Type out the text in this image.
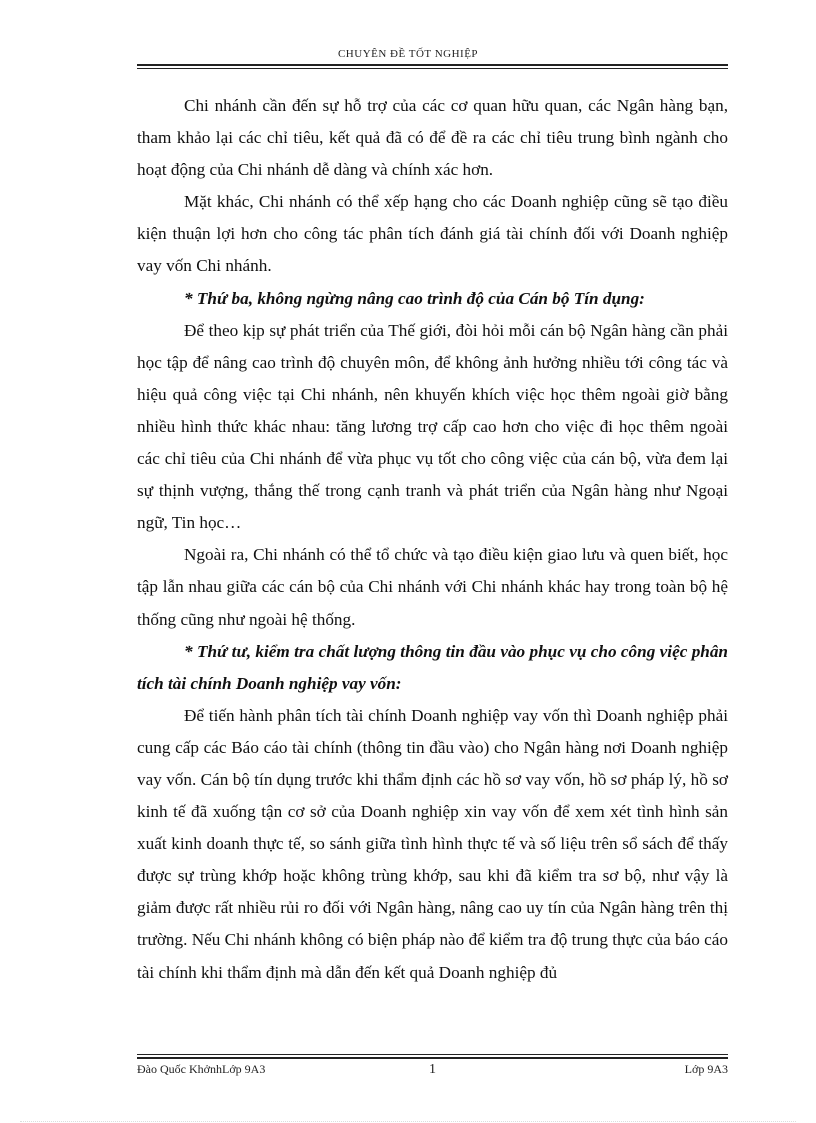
CHUYÊN ĐỀ TỐT NGHIỆP

Chi nhánh cần đến sự hỗ trợ của các cơ quan hữu quan, các Ngân hàng bạn, tham khảo lại các chỉ tiêu, kết quả đã có để đề ra các chỉ tiêu trung bình ngành cho hoạt động của Chi nhánh dễ dàng và chính xác hơn.

Mặt khác, Chi nhánh có thể xếp hạng cho các Doanh nghiệp cũng sẽ tạo điều kiện thuận lợi hơn cho công tác phân tích đánh giá tài chính đối với Doanh nghiệp vay vốn Chi nhánh.

* Thứ ba, không ngừng nâng cao trình độ của Cán bộ Tín dụng:

Để theo kịp sự phát triển của Thế giới, đòi hỏi mỗi cán bộ Ngân hàng cần phải học tập để nâng cao trình độ chuyên môn, để không ảnh hưởng nhiều tới công tác và hiệu quả công việc tại Chi nhánh, nên khuyến khích việc học thêm ngoài giờ bằng nhiều hình thức khác nhau: tăng lương trợ cấp cao hơn cho việc đi học thêm ngoài các chỉ tiêu của Chi nhánh để vừa phục vụ tốt cho công việc của cán bộ, vừa đem lại sự thịnh vượng, thắng thế trong cạnh tranh và phát triển của Ngân hàng như Ngoại ngữ, Tin học…

Ngoài ra, Chi nhánh có thể tổ chức và tạo điều kiện giao lưu và quen biết, học tập lẫn nhau giữa các cán bộ của Chi nhánh với Chi nhánh khác hay trong toàn bộ hệ thống cũng như ngoài hệ thống.

* Thứ tư, kiểm tra chất lượng thông tin đầu vào phục vụ cho công việc phân tích tài chính Doanh nghiệp vay vốn:

Để tiến hành phân tích tài chính Doanh nghiệp vay vốn thì Doanh nghiệp phải cung cấp các Báo cáo tài chính (thông tin đầu vào) cho Ngân hàng nơi Doanh nghiệp vay vốn. Cán bộ tín dụng trước khi thẩm định các hồ sơ vay vốn, hồ sơ pháp lý, hồ sơ kinh tế đã xuống tận cơ sở của Doanh nghiệp xin vay vốn để xem xét tình hình sản xuất kinh doanh thực tế, so sánh giữa tình hình thực tế và số liệu trên sổ sách để thấy được sự trùng khớp hoặc không trùng khớp, sau khi đã kiểm tra sơ bộ, như vậy là giảm được rất nhiều rủi ro đối với Ngân hàng, nâng cao uy tín của Ngân hàng trên thị trường. Nếu Chi nhánh không có biện pháp nào để kiểm tra độ trung thực của báo cáo tài chính khi thẩm định mà dẫn đến kết quả Doanh nghiệp đủ

Đào Quốc KhởnhLớp 9A3	1	Lớp 9A3
